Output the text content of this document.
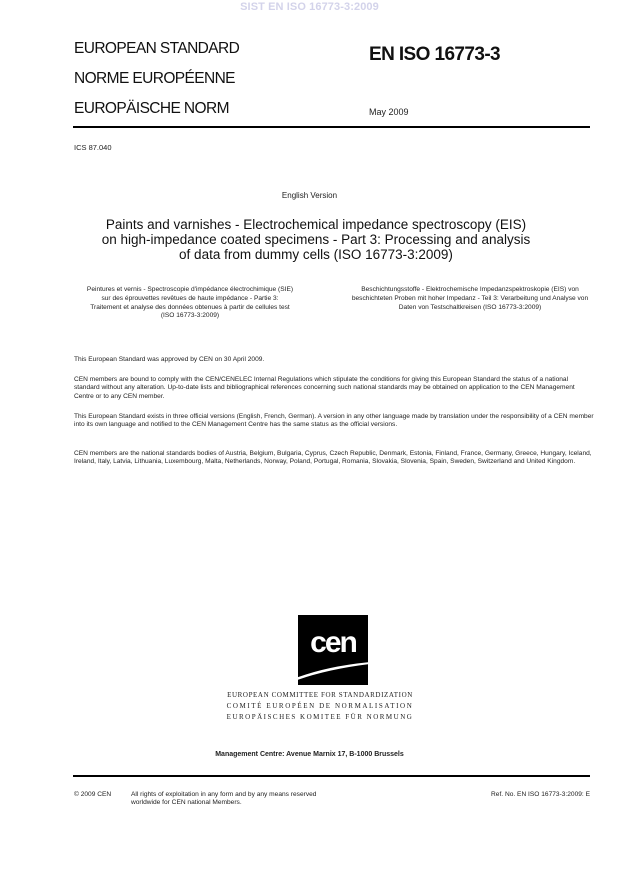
SIST EN ISO 16773-3:2009
EUROPEAN STANDARD
NORME EUROPÉENNE
EUROPÄISCHE NORM
EN ISO 16773-3
May 2009
ICS 87.040
English Version
Paints and varnishes - Electrochemical impedance spectroscopy (EIS) on high-impedance coated specimens - Part 3: Processing and analysis of data from dummy cells (ISO 16773-3:2009)
Peintures et vernis - Spectroscopie d'impédance électrochimique (SIE) sur des éprouvettes revêtues de haute impédance - Partie 3: Traitement et analyse des données obtenues à partir de cellules test (ISO 16773-3:2009)
Beschichtungsstoffe - Elektrochemische Impedanzspektroskopie (EIS) von beschichteten Proben mit hoher Impedanz - Teil 3: Verarbeitung und Analyse von Daten von Testschaltkreisen (ISO 16773-3:2009)
This European Standard was approved by CEN on 30 April 2009.
CEN members are bound to comply with the CEN/CENELEC Internal Regulations which stipulate the conditions for giving this European Standard the status of a national standard without any alteration. Up-to-date lists and bibliographical references concerning such national standards may be obtained on application to the CEN Management Centre or to any CEN member.
This European Standard exists in three official versions (English, French, German). A version in any other language made by translation under the responsibility of a CEN member into its own language and notified to the CEN Management Centre has the same status as the official versions.
CEN members are the national standards bodies of Austria, Belgium, Bulgaria, Cyprus, Czech Republic, Denmark, Estonia, Finland, France, Germany, Greece, Hungary, Iceland, Ireland, Italy, Latvia, Lithuania, Luxembourg, Malta, Netherlands, Norway, Poland, Portugal, Romania, Slovakia, Slovenia, Spain, Sweden, Switzerland and United Kingdom.
cen
EUROPEAN COMMITTEE FOR STANDARDIZATION
COMITÉ EUROPÉEN DE NORMALISATION
EUROPÄISCHES KOMITEE FÜR NORMUNG
Management Centre: Avenue Marnix 17, B-1000 Brussels
© 2009 CEN	All rights of exploitation in any form and by any means reserved worldwide for CEN national Members.
Ref. No. EN ISO 16773-3:2009: E
